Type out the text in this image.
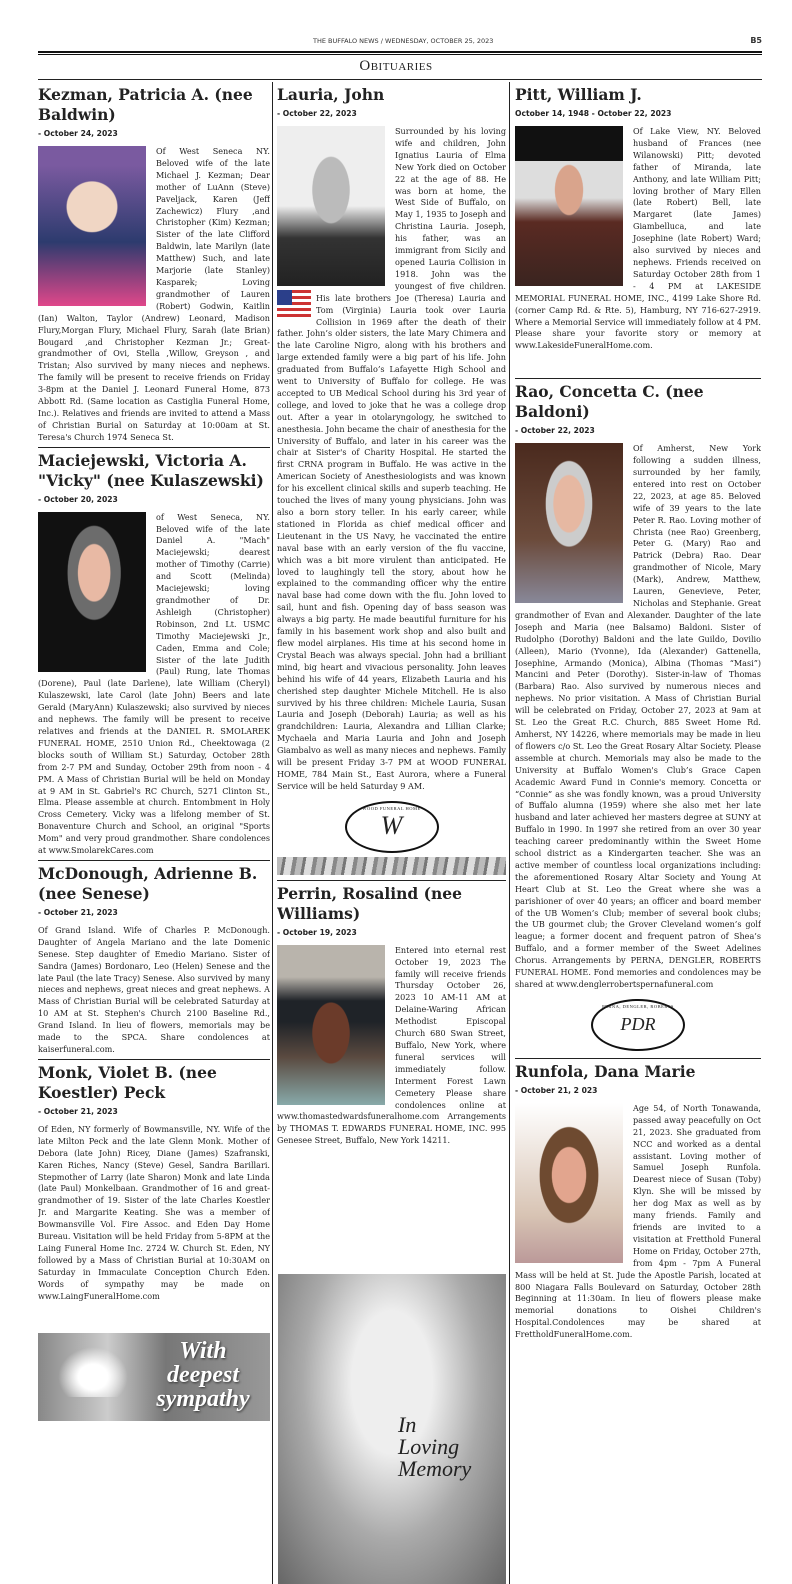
THE BUFFALO NEWS / WEDNESDAY, OCTOBER 25, 2023	B5
Obituaries
Kezman, Patricia A. (nee Baldwin)
- October 24, 2023

Of West Seneca NY. Beloved wife of the late Michael J. Kezman; Dear mother of LuAnn (Steve) Paveljack, Karen (Jeff Zachewicz) Flury ,and Christopher (Kim) Kezman; Sister of the late Clifford Baldwin, late Marilyn (late Matthew) Such, and late Marjorie (late Stanley) Kasparek; Loving grandmother of Lauren (Robert) Godwin, Kaitlin (Ian) Walton, Taylor (Andrew) Leonard, Madison Flury,Morgan Flury, Michael Flury, Sarah (late Brian) Bougard ,and Christopher Kezman Jr.; Great- grandmother of Ovi, Stella ,Willow, Greyson , and Tristan; Also survived by many nieces and nephews. The family will be present to receive friends on Friday 3-8pm at the Daniel J. Leonard Funeral Home, 873 Abbott Rd. (Same location as Castiglia Funeral Home, Inc.). Relatives and friends are invited to attend a Mass of Christian Burial on Saturday at 10:00am at St. Teresa's Church 1974 Seneca St.

Maciejewski, Victoria A. "Vicky" (nee Kulaszewski)
- October 20, 2023

of West Seneca, NY. Beloved wife of the late Daniel A. "Mach" Maciejewski; dearest mother of Timothy (Carrie) and Scott (Melinda) Maciejewski; loving grandmother of Dr. Ashleigh (Christopher) Robinson, 2nd Lt. USMC Timothy Maciejewski Jr., Caden, Emma and Cole; Sister of the late Judith (Paul) Rung, late Thomas (Dorene), Paul (late Darlene), late William (Cheryl) Kulaszewski, late Carol (late John) Beers and late Gerald (MaryAnn) Kulaszewski; also survived by nieces and nephews. The family will be present to receive relatives and friends at the DANIEL R. SMOLAREK FUNERAL HOME, 2510 Union Rd., Cheektowaga (2 blocks south of William St.) Saturday, October 28th from 2-7 PM and Sunday, October 29th from noon - 4 PM. A Mass of Christian Burial will be held on Monday at 9 AM in St. Gabriel's RC Church, 5271 Clinton St., Elma. Please assemble at church. Entombment in Holy Cross Cemetery. Vicky was a lifelong member of St. Bonaventure Church and School, an original "Sports Mom" and very proud grandmother. Share condolences at www.SmolarekCares.com

McDonough, Adrienne B. (nee Senese)
- October 21, 2023

Of Grand Island. Wife of Charles P. McDonough. Daughter of Angela Mariano and the late Domenic Senese. Step daughter of Emedio Mariano. Sister of Sandra (James) Bordonaro, Leo (Helen) Senese and the late Paul (the late Tracy) Senese. Also survived by many nieces and nephews, great nieces and great nephews. A Mass of Christian Burial will be celebrated Saturday at 10 AM at St. Stephen's Church 2100 Baseline Rd., Grand Island. In lieu of flowers, memorials may be made to the SPCA. Share condolences at kaiserfuneral.com.

Monk, Violet B. (nee Koestler) Peck
- October 21, 2023

Of Eden, NY formerly of Bowmansville, NY. Wife of the late Milton Peck and the late Glenn Monk. Mother of Debora (late John) Ricey, Diane (James) Szafranski, Karen Riches, Nancy (Steve) Gesel, Sandra Barillari. Stepmother of Larry (late Sharon) Monk and late Linda (late Paul) Monkelbaan. Grandmother of 16 and great-grandmother of 19. Sister of the late Charles Koestler Jr. and Margarite Keating. She was a member of Bowmansville Vol. Fire Assoc. and Eden Day Home Bureau. Visitation will be held Friday from 5-8PM at the Laing Funeral Home Inc. 2724 W. Church St. Eden, NY followed by a Mass of Christian Burial at 10:30AM on Saturday in Immaculate Conception Church Eden. Words of sympathy may be made on www.LaingFuneralHome.com

With deepest sympathy
Lauria, John
- October 22, 2023

Surrounded by his loving wife and children, John Ignatius Lauria of Elma New York died on October 22 at the age of 88. He was born at home, the West Side of Buffalo, on May 1, 1935 to Joseph and Christina Lauria. Joseph, his father, was an immigrant from Sicily and opened Lauria Collision in 1918. John was the youngest of five children. His late brothers Joe (Theresa) Lauria and Tom (Virginia) Lauria took over Lauria Collision in 1969 after the death of their father. John’s older sisters, the late Mary Chimera and the late Caroline Nigro, along with his brothers and large extended family were a big part of his life. John graduated from Buffalo’s Lafayette High School and went to University of Buffalo for college. He was accepted to UB Medical School during his 3rd year of college, and loved to joke that he was a college drop out. After a year in otolaryngology, he switched to anesthesia. John became the chair of anesthesia for the University of Buffalo, and later in his career was the chair at Sister's of Charity Hospital. He started the first CRNA program in Buffalo. He was active in the American Society of Anesthesiologists and was known for his excellent clinical skills and superb teaching. He touched the lives of many young physicians. John was also a born story teller. In his early career, while stationed in Florida as chief medical officer and Lieutenant in the US Navy, he vaccinated the entire naval base with an early version of the flu vaccine, which was a bit more virulent than anticipated. He loved to laughingly tell the story, about how he explained to the commanding officer why the entire naval base had come down with the flu. John loved to sail, hunt and fish. Opening day of bass season was always a big party. He made beautiful furniture for his family in his basement work shop and also built and flew model airplanes. His time at his second home in Crystal Beach was always special. John had a brilliant mind, big heart and vivacious personality. John leaves behind his wife of 44 years, Elizabeth Lauria and his cherished step daughter Michele Mitchell. He is also survived by his three children: Michele Lauria, Susan Lauria and Joseph (Deborah) Lauria; as well as his grandchildren: Lauria, Alexandra and Lillian Clarke; Mychaela and Maria Lauria and John and Joseph Giambalvo as well as many nieces and nephews. Family will be present Friday 3-7 PM at WOOD FUNERAL HOME, 784 Main St., East Aurora, where a Funeral Service will be held Saturday 9 AM.

WOOD FUNERAL HOME
W
Perrin, Rosalind (nee Williams)
- October 19, 2023

Entered into eternal rest October 19, 2023 The family will receive friends Thursday October 26, 2023 10 AM-11 AM at Delaine-Waring African Methodist Episcopal Church 680 Swan Street, Buffalo, New York, where funeral services will immediately follow. Interment Forest Lawn Cemetery Please share condolences online at www.thomastedwardsfuneralhome.com Arrangements by THOMAS T. EDWARDS FUNERAL HOME, INC. 995 Genesee Street, Buffalo, New York 14211.

In Loving Memory
Pitt, William J.
October 14, 1948 - October 22, 2023

Of Lake View, NY. Beloved husband of Frances (nee Wilanowski) Pitt; devoted father of Miranda, late Anthony, and late William Pitt; loving brother of Mary Ellen (late Robert) Bell, late Margaret (late James) Giambelluca, and late Josephine (late Robert) Ward; also survived by nieces and nephews. Friends received on Saturday October 28th from 1 - 4 PM at LAKESIDE MEMORIAL FUNERAL HOME, INC., 4199 Lake Shore Rd. (corner Camp Rd. & Rte. 5), Hamburg, NY 716-627-2919. Where a Memorial Service will immediately follow at 4 PM. Please share your favorite story or memory at www.LakesideFuneralHome.com.

Rao, Concetta C. (nee Baldoni)
- October 22, 2023

Of Amherst, New York following a sudden illness, surrounded by her family, entered into rest on October 22, 2023, at age 85. Beloved wife of 39 years to the late Peter R. Rao. Loving mother of Christa (nee Rao) Greenberg, Peter G. (Mary) Rao and Patrick (Debra) Rao. Dear grandmother of Nicole, Mary (Mark), Andrew, Matthew, Lauren, Genevieve, Peter, Nicholas and Stephanie. Great grandmother of Evan and Alexander. Daughter of the late Joseph and Maria (nee Balsamo) Baldoni. Sister of Rudolpho (Dorothy) Baldoni and the late Guildo, Dovilio (Alleen), Mario (Yvonne), Ida (Alexander) Gattenella, Josephine, Armando (Monica), Albina (Thomas “Masi”) Mancini and Peter (Dorothy). Sister-in-law of Thomas (Barbara) Rao. Also survived by numerous nieces and nephews. No prior visitation. A Mass of Christian Burial will be celebrated on Friday, October 27, 2023 at 9am at St. Leo the Great R.C. Church, 885 Sweet Home Rd. Amherst, NY 14226, where memorials may be made in lieu of flowers c/o St. Leo the Great Rosary Altar Society. Please assemble at church. Memorials may also be made to the University at Buffalo Women's Club’s Grace Capen Academic Award Fund in Connie's memory. Concetta or “Connie” as she was fondly known, was a proud University of Buffalo alumna (1959) where she also met her late husband and later achieved her masters degree at SUNY at Buffalo in 1990. In 1997 she retired from an over 30 year teaching career predominantly within the Sweet Home school district as a Kindergarten teacher. She was an active member of countless local organizations including: the aforementioned Rosary Altar Society and Young At Heart Club at St. Leo the Great where she was a parishioner of over 40 years; an officer and board member of the UB Women’s Club; member of several book clubs; the UB gourmet club; the Grover Cleveland women’s golf league; a former docent and frequent patron of Shea’s Buffalo, and a former member of the Sweet Adelines Chorus. Arrangements by PERNA, DENGLER, ROBERTS FUNERAL HOME. Fond memories and condolences may be shared at www.denglerrobertspernafuneral.com

PERNA, DENGLER, ROBERTS
PDR
Runfola, Dana Marie
- October 21, 2 023

Age 54, of North Tonawanda, passed away peacefully on Oct 21, 2023. She graduated from NCC and worked as a dental assistant. Loving mother of Samuel Joseph Runfola. Dearest niece of Susan (Toby) Klyn. She will be missed by her dog Max as well as by many friends. Family and friends are invited to a visitation at Fretthold Funeral Home on Friday, October 27th, from 4pm - 7pm A Funeral Mass will be held at St. Jude the Apostle Parish, located at 800 Niagara Falls Boulevard on Saturday, October 28th Beginning at 11:30am. In lieu of flowers please make memorial donations to Oishei Children's Hospital.Condolences may be shared at FrettholdFuneralHome.com.
